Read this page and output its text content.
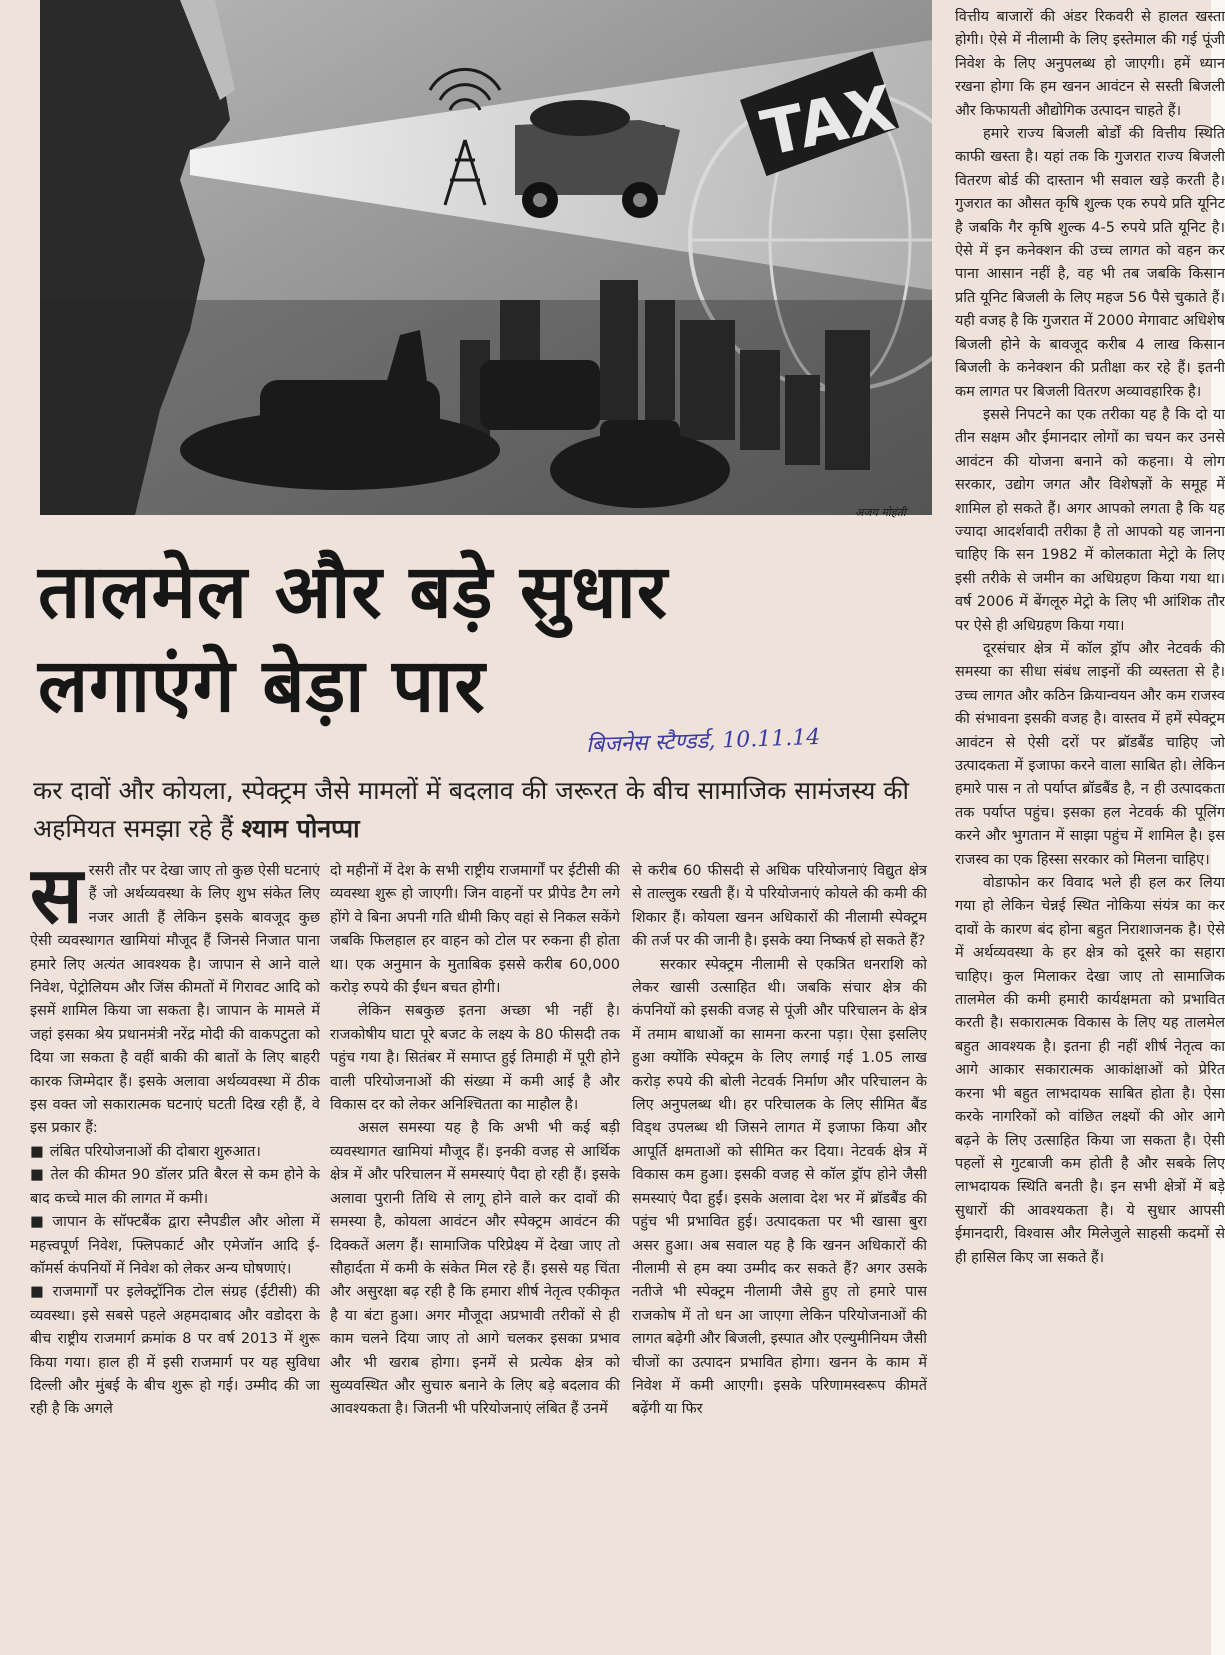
TAX
अजय मोहंती
तालमेल और बड़े सुधार
लगाएंगे बेड़ा पार
बिजनेस स्टैण्डर्ड, 10.11.14
कर दावों और कोयला, स्पेक्ट्रम जैसे मामलों में बदलाव की जरूरत के बीच सामाजिक सामंजस्य की अहमियत समझा रहे हैं श्याम पोनप्पा
स रसरी तौर पर देखा जाए तो कुछ ऐसी घटनाएं हैं जो अर्थव्यवस्था के लिए शुभ संकेत लिए नजर आती हैं लेकिन इसके बावजूद कुछ ऐसी व्यवस्थागत खामियां मौजूद हैं जिनसे निजात पाना हमारे लिए अत्यंत आवश्यक है। जापान से आने वाले निवेश, पेट्रोलियम और जिंस कीमतों में गिरावट आदि को इसमें शामिल किया जा सकता है। जापान के मामले में जहां इसका श्रेय प्रधानमंत्री नरेंद्र मोदी की वाकपटुता को दिया जा सकता है वहीं बाकी की बातों के लिए बाहरी कारक जिम्मेदार हैं। इसके अलावा अर्थव्यवस्था में ठीक इस वक्त जो सकारात्मक घटनाएं घटती दिख रही हैं, वे इस प्रकार हैं:

■ लंबित परियोजनाओं की दोबारा शुरुआत।

■ तेल की कीमत 90 डॉलर प्रति बैरल से कम होने के बाद कच्चे माल की लागत में कमी।

■ जापान के सॉफ्टबैंक द्वारा स्नैपडील और ओला में महत्त्वपूर्ण निवेश, फ्लिपकार्ट और एमेजॉन आदि ई-कॉमर्स कंपनियों में निवेश को लेकर अन्य घोषणाएं।

■ राजमार्गों पर इलेक्ट्रॉनिक टोल संग्रह (ईटीसी) की व्यवस्था। इसे सबसे पहले अहमदाबाद और वडोदरा के बीच राष्ट्रीय राजमार्ग क्रमांक 8 पर वर्ष 2013 में शुरू किया गया। हाल ही में इसी राजमार्ग पर यह सुविधा दिल्ली और मुंबई के बीच शुरू हो गई। उम्मीद की जा रही है कि अगले

दो महीनों में देश के सभी राष्ट्रीय राजमार्गों पर ईटीसी की व्यवस्था शुरू हो जाएगी। जिन वाहनों पर प्रीपेड टैग लगे होंगे वे बिना अपनी गति धीमी किए वहां से निकल सकेंगे जबकि फिलहाल हर वाहन को टोल पर रुकना ही होता था। एक अनुमान के मुताबिक इससे करीब 60,000 करोड़ रुपये की ईंधन बचत होगी।

लेकिन सबकुछ इतना अच्छा भी नहीं है। राजकोषीय घाटा पूरे बजट के लक्ष्य के 80 फीसदी तक पहुंच गया है। सितंबर में समाप्त हुई तिमाही में पूरी होने वाली परियोजनाओं की संख्या में कमी आई है और विकास दर को लेकर अनिश्चितता का माहौल है।

असल समस्या यह है कि अभी भी कई बड़ी व्यवस्थागत खामियां मौजूद हैं। इनकी वजह से आर्थिक क्षेत्र में और परिचालन में समस्याएं पैदा हो रही हैं। इसके अलावा पुरानी तिथि से लागू होने वाले कर दावों की समस्या है, कोयला आवंटन और स्पेक्ट्रम आवंटन की दिक्कतें अलग हैं। सामाजिक परिप्रेक्ष्य में देखा जाए तो सौहार्दता में कमी के संकेत मिल रहे हैं। इससे यह चिंता और असुरक्षा बढ़ रही है कि हमारा शीर्ष नेतृत्व एकीकृत है या बंटा हुआ। अगर मौजूदा अप्रभावी तरीकों से ही काम चलने दिया जाए तो आगे चलकर इसका प्रभाव और भी खराब होगा। इनमें से प्रत्येक क्षेत्र को सुव्यवस्थित और सुचारु बनाने के लिए बड़े बदलाव की आवश्यकता है। जितनी भी परियोजनाएं लंबित हैं उनमें

से करीब 60 फीसदी से अधिक परियोजनाएं विद्युत क्षेत्र से ताल्लुक रखती हैं। ये परियोजनाएं कोयले की कमी की शिकार हैं। कोयला खनन अधिकारों की नीलामी स्पेक्ट्रम की तर्ज पर की जानी है। इसके क्या निष्कर्ष हो सकते हैं?

सरकार स्पेक्ट्रम नीलामी से एकत्रित धनराशि को लेकर खासी उत्साहित थी। जबकि संचार क्षेत्र की कंपनियों को इसकी वजह से पूंजी और परिचालन के क्षेत्र में तमाम बाधाओं का सामना करना पड़ा। ऐसा इसलिए हुआ क्योंकि स्पेक्ट्रम के लिए लगाई गई 1.05 लाख करोड़ रुपये की बोली नेटवर्क निर्माण और परिचालन के लिए अनुपलब्ध थी। हर परिचालक के लिए सीमित बैंड विड्थ उपलब्ध थी जिसने लागत में इजाफा किया और आपूर्ति क्षमताओं को सीमित कर दिया। नेटवर्क क्षेत्र में विकास कम हुआ। इसकी वजह से कॉल ड्रॉप होने जैसी समस्याएं पैदा हुईं। इसके अलावा देश भर में ब्रॉडबैंड की पहुंच भी प्रभावित हुई। उत्पादकता पर भी खासा बुरा असर हुआ। अब सवाल यह है कि खनन अधिकारों की नीलामी से हम क्या उम्मीद कर सकते हैं? अगर उसके नतीजे भी स्पेक्ट्रम नीलामी जैसे हुए तो हमारे पास राजकोष में तो धन आ जाएगा लेकिन परियोजनाओं की लागत बढ़ेगी और बिजली, इस्पात और एल्युमीनियम जैसी चीजों का उत्पादन प्रभावित होगा। खनन के काम में निवेश में कमी आएगी। इसके परिणामस्वरूप कीमतें बढ़ेंगी या फिर

वित्तीय बाजारों की अंडर रिकवरी से हालत खस्ता होगी। ऐसे में नीलामी के लिए इस्तेमाल की गई पूंजी निवेश के लिए अनुपलब्ध हो जाएगी। हमें ध्यान रखना होगा कि हम खनन आवंटन से सस्ती बिजली और किफायती औद्योगिक उत्पादन चाहते हैं।

हमारे राज्य बिजली बोर्डों की वित्तीय स्थिति काफी खस्ता है। यहां तक कि गुजरात राज्य बिजली वितरण बोर्ड की दास्तान भी सवाल खड़े करती है। गुजरात का औसत कृषि शुल्क एक रुपये प्रति यूनिट है जबकि गैर कृषि शुल्क 4-5 रुपये प्रति यूनिट है। ऐसे में इन कनेक्शन की उच्च लागत को वहन कर पाना आसान नहीं है, वह भी तब जबकि किसान प्रति यूनिट बिजली के लिए महज 56 पैसे चुकाते हैं। यही वजह है कि गुजरात में 2000 मेगावाट अधिशेष बिजली होने के बावजूद करीब 4 लाख किसान बिजली के कनेक्शन की प्रतीक्षा कर रहे हैं। इतनी कम लागत पर बिजली वितरण अव्यावहारिक है।

इससे निपटने का एक तरीका यह है कि दो या तीन सक्षम और ईमानदार लोगों का चयन कर उनसे आवंटन की योजना बनाने को कहना। ये लोग सरकार, उद्योग जगत और विशेषज्ञों के समूह में शामिल हो सकते हैं। अगर आपको लगता है कि यह ज्यादा आदर्शवादी तरीका है तो आपको यह जानना चाहिए कि सन 1982 में कोलकाता मेट्रो के लिए इसी तरीके से जमीन का अधिग्रहण किया गया था। वर्ष 2006 में बेंगलूरु मेट्रो के लिए भी आंशिक तौर पर ऐसे ही अधिग्रहण किया गया।

दूरसंचार क्षेत्र में कॉल ड्रॉप और नेटवर्क की समस्या का सीधा संबंध लाइनों की व्यस्तता से है। उच्च लागत और कठिन क्रियान्वयन और कम राजस्व की संभावना इसकी वजह है। वास्तव में हमें स्पेक्ट्रम आवंटन से ऐसी दरों पर ब्रॉडबैंड चाहिए जो उत्पादकता में इजाफा करने वाला साबित हो। लेकिन हमारे पास न तो पर्याप्त ब्रॉडबैंड है, न ही उत्पादकता तक पर्याप्त पहुंच। इसका हल नेटवर्क की पूलिंग करने और भुगतान में साझा पहुंच में शामिल है। इस राजस्व का एक हिस्सा सरकार को मिलना चाहिए।

वोडाफोन कर विवाद भले ही हल कर लिया गया हो लेकिन चेन्नई स्थित नोकिया संयंत्र का कर दावों के कारण बंद होना बहुत निराशाजनक है। ऐसे में अर्थव्यवस्था के हर क्षेत्र को दूसरे का सहारा चाहिए। कुल मिलाकर देखा जाए तो सामाजिक तालमेल की कमी हमारी कार्यक्षमता को प्रभावित करती है। सकारात्मक विकास के लिए यह तालमेल बहुत आवश्यक है। इतना ही नहीं शीर्ष नेतृत्व का आगे आकार सकारात्मक आकांक्षाओं को प्रेरित करना भी बहुत लाभदायक साबित होता है। ऐसा करके नागरिकों को वांछित लक्ष्यों की ओर आगे बढ़ने के लिए उत्साहित किया जा सकता है। ऐसी पहलों से गुटबाजी कम होती है और सबके लिए लाभदायक स्थिति बनती है। इन सभी क्षेत्रों में बड़े सुधारों की आवश्यकता है। ये सुधार आपसी ईमानदारी, विश्वास और मिलेजुले साहसी कदमों से ही हासिल किए जा सकते हैं।
